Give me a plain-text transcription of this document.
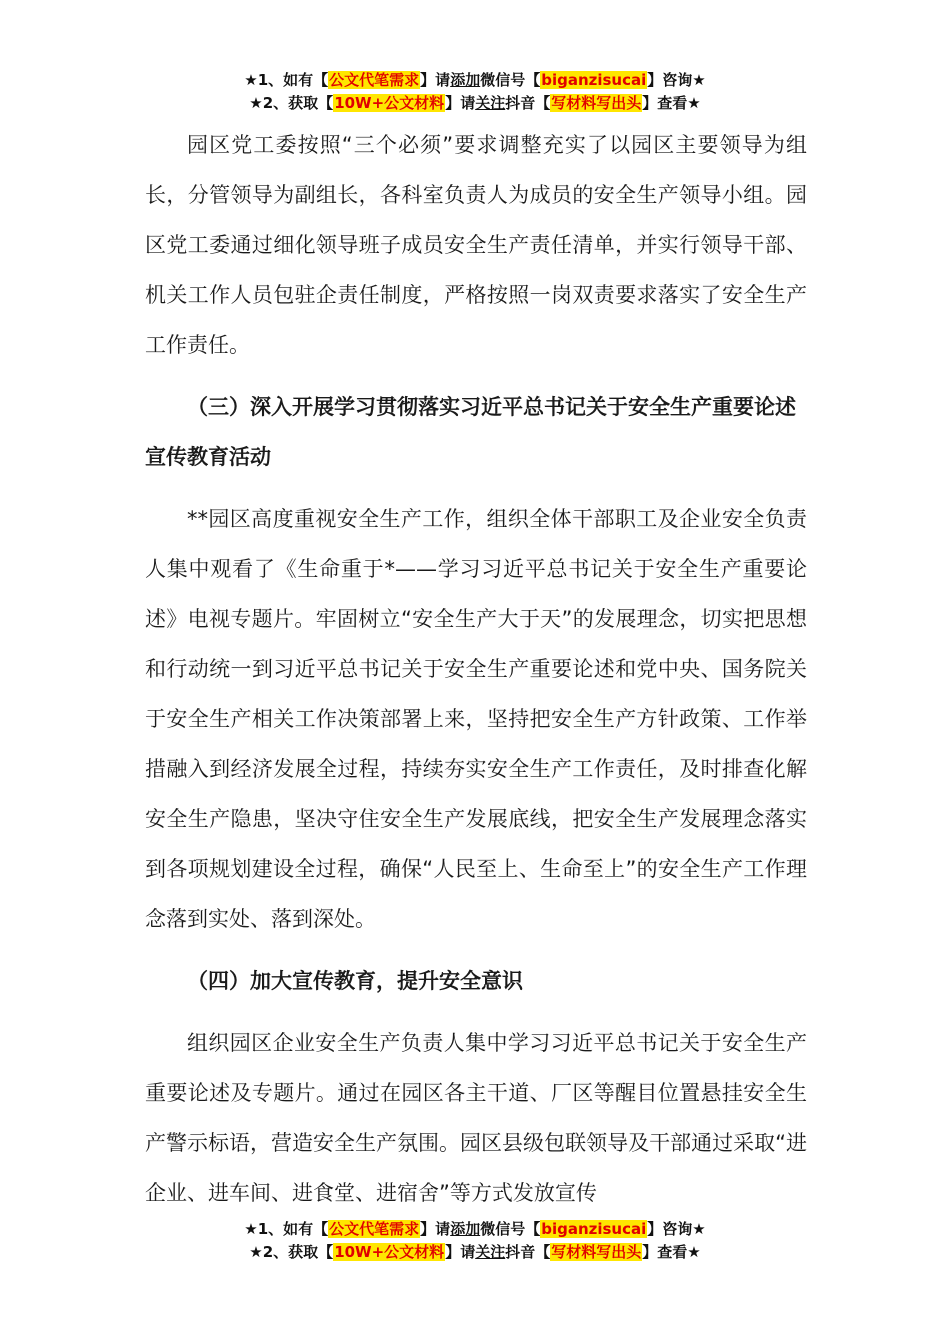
★1、如有【公文代笔需求】请添加微信号【biganzisucai】咨询★
★2、获取【10W+公文材料】请关注抖音【写材料写出头】查看★

园区党工委按照“三个必须”要求调整充实了以园区主要领导为组长，分管领导为副组长，各科室负责人为成员的安全生产领导小组。园区党工委通过细化领导班子成员安全生产责任清单，并实行领导干部、机关工作人员包驻企责任制度，严格按照一岗双责要求落实了安全生产工作责任。

（三）深入开展学习贯彻落实习近平总书记关于安全生产重要论述宣传教育活动

**园区高度重视安全生产工作，组织全体干部职工及企业安全负责人集中观看了《生命重于*——学习习近平总书记关于安全生产重要论述》电视专题片。牢固树立“安全生产大于天”的发展理念，切实把思想和行动统一到习近平总书记关于安全生产重要论述和党中央、国务院关于安全生产相关工作决策部署上来，坚持把安全生产方针政策、工作举措融入到经济发展全过程，持续夯实安全生产工作责任，及时排查化解安全生产隐患，坚决守住安全生产发展底线，把安全生产发展理念落实到各项规划建设全过程，确保“人民至上、生命至上”的安全生产工作理念落到实处、落到深处。

（四）加大宣传教育，提升安全意识

组织园区企业安全生产负责人集中学习习近平总书记关于安全生产重要论述及专题片。通过在园区各主干道、厂区等醒目位置悬挂安全生产警示标语，营造安全生产氛围。园区县级包联领导及干部通过采取“进企业、进车间、进食堂、进宿舍”等方式发放宣传

★1、如有【公文代笔需求】请添加微信号【biganzisucai】咨询★
★2、获取【10W+公文材料】请关注抖音【写材料写出头】查看★
